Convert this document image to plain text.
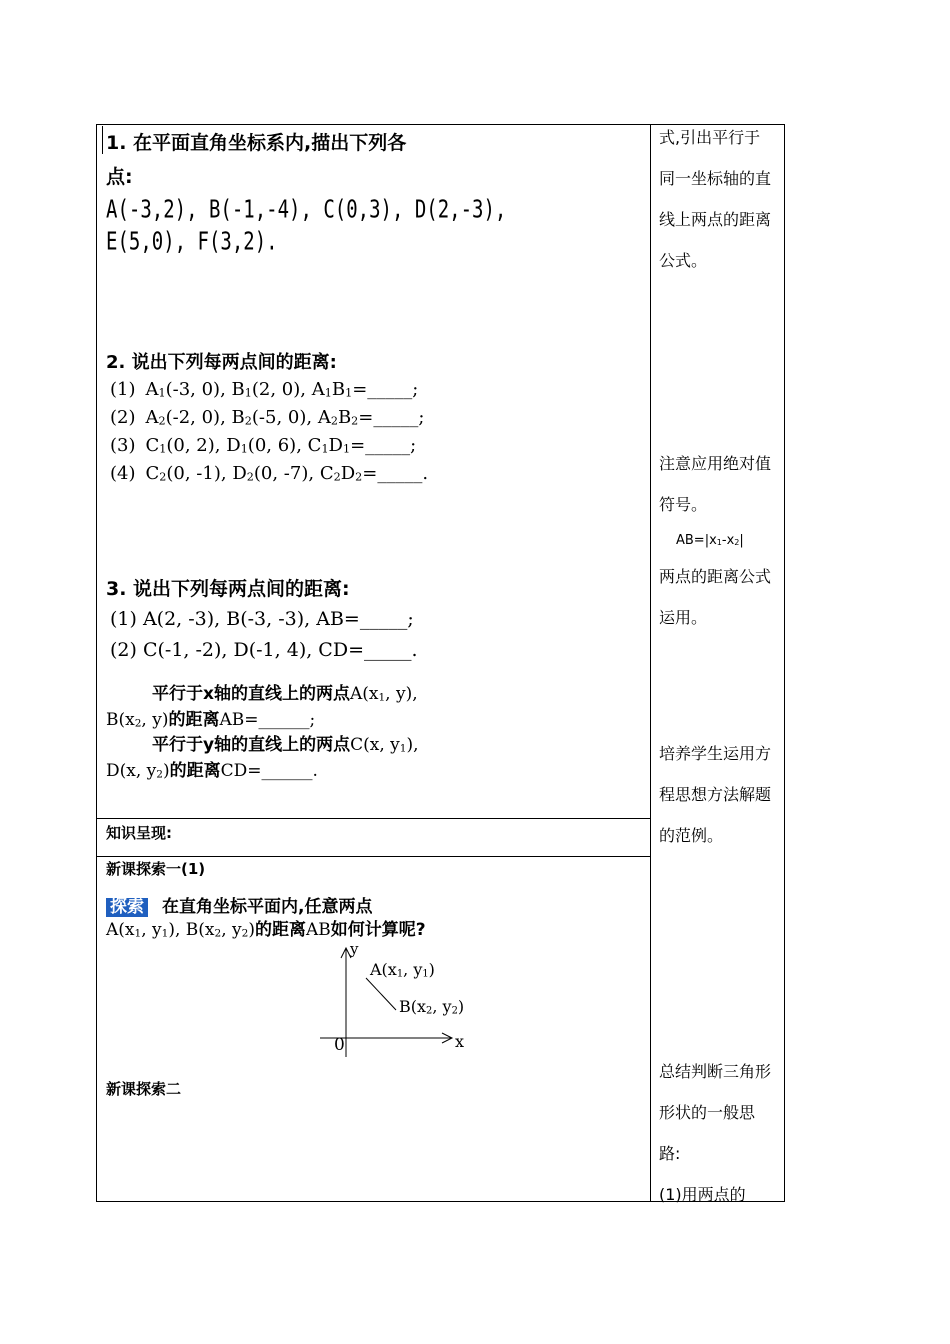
1. 在平面直角坐标系内,描出下列各
点:
A(-3,2), B(-1,-4), C(0,3), D(2,-3),
E(5,0), F(3,2).
2. 说出下列每两点间的距离:
(1) $A_1(-3$, 0), $B_1(2$, 0), $A_1B_1=\_\_\_\_\_$;
(2) $A_2(-2$, 0), $B_2(-5$, 0), $A_2B_2=\_\_\_\_\_$;
(3) $C_1(0$, 2), $D_1(0$, 6), $C_1D_1=\_\_\_\_\_$;
(4) $C_2(0$, -1), $D_2(0$, -7), $C_2D_2=\_\_\_\_\_$.
3. 说出下列每两点间的距离:
(1) A(2, -3), B(-3, -3), AB=_____;
(2) C(-1, -2), D(-1, 4), CD=_____.
平行于x轴的直线上的两点$A(x_1$, y),
$B(x_2$, y)的距离AB=______;
平行于y轴的直线上的两点C(x, $y_1$),
D(x, $y_2$)的距离CD=______.
知识呈现:
新课探索一(1)
探索 在直角坐标平面内,任意两点
$A(x_1$, $y_1$), $B(x_2$, $y_2$)的距离AB如何计算呢?
y
x
0
$A(x_1$, $y_1$)
$B(x_2$, $y_2$)
新课探索二
式,引出平行于
同一坐标轴的直
线上两点的距离
公式。
注意应用绝对值
符号。
两点的距离公式
运用。
培养学生运用方
程思想方法解题
的范例。
总结判断三角形
形状的一般思
路:
(1)用两点的
$AB=|x_1-x_2|$
